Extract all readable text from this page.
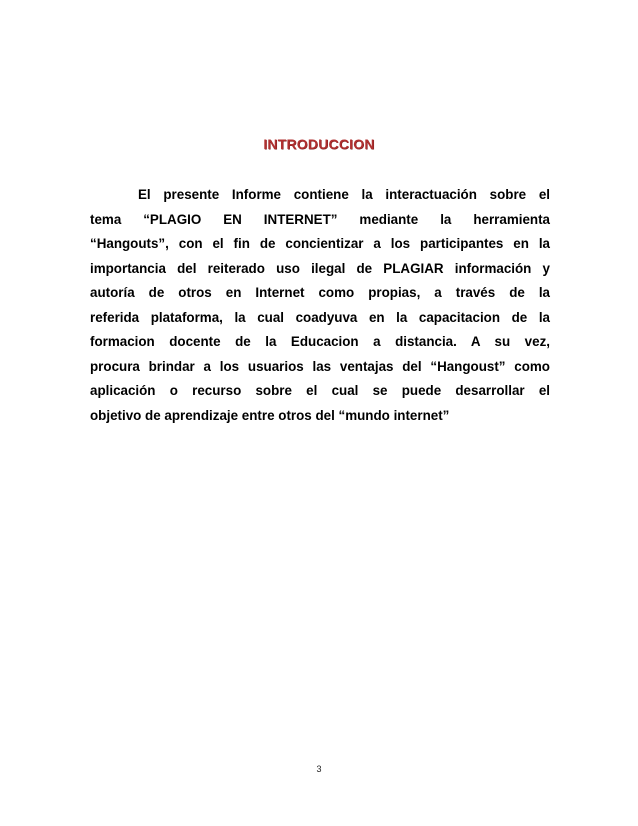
INTRODUCCION
El presente Informe contiene la interactuación sobre el
tema “PLAGIO EN INTERNET” mediante la herramienta
“Hangouts”, con el fin de concientizar a los participantes en la
importancia del reiterado uso ilegal de PLAGIAR información y
autoría de otros en Internet como propias, a través de la
referida plataforma, la cual coadyuva en la capacitacion de la
formacion docente de la Educacion a distancia. A su vez,
procura brindar a los usuarios las ventajas del “Hangoust” como
aplicación o recurso sobre el cual se puede desarrollar el
objetivo de aprendizaje entre otros del “mundo internet”
3
